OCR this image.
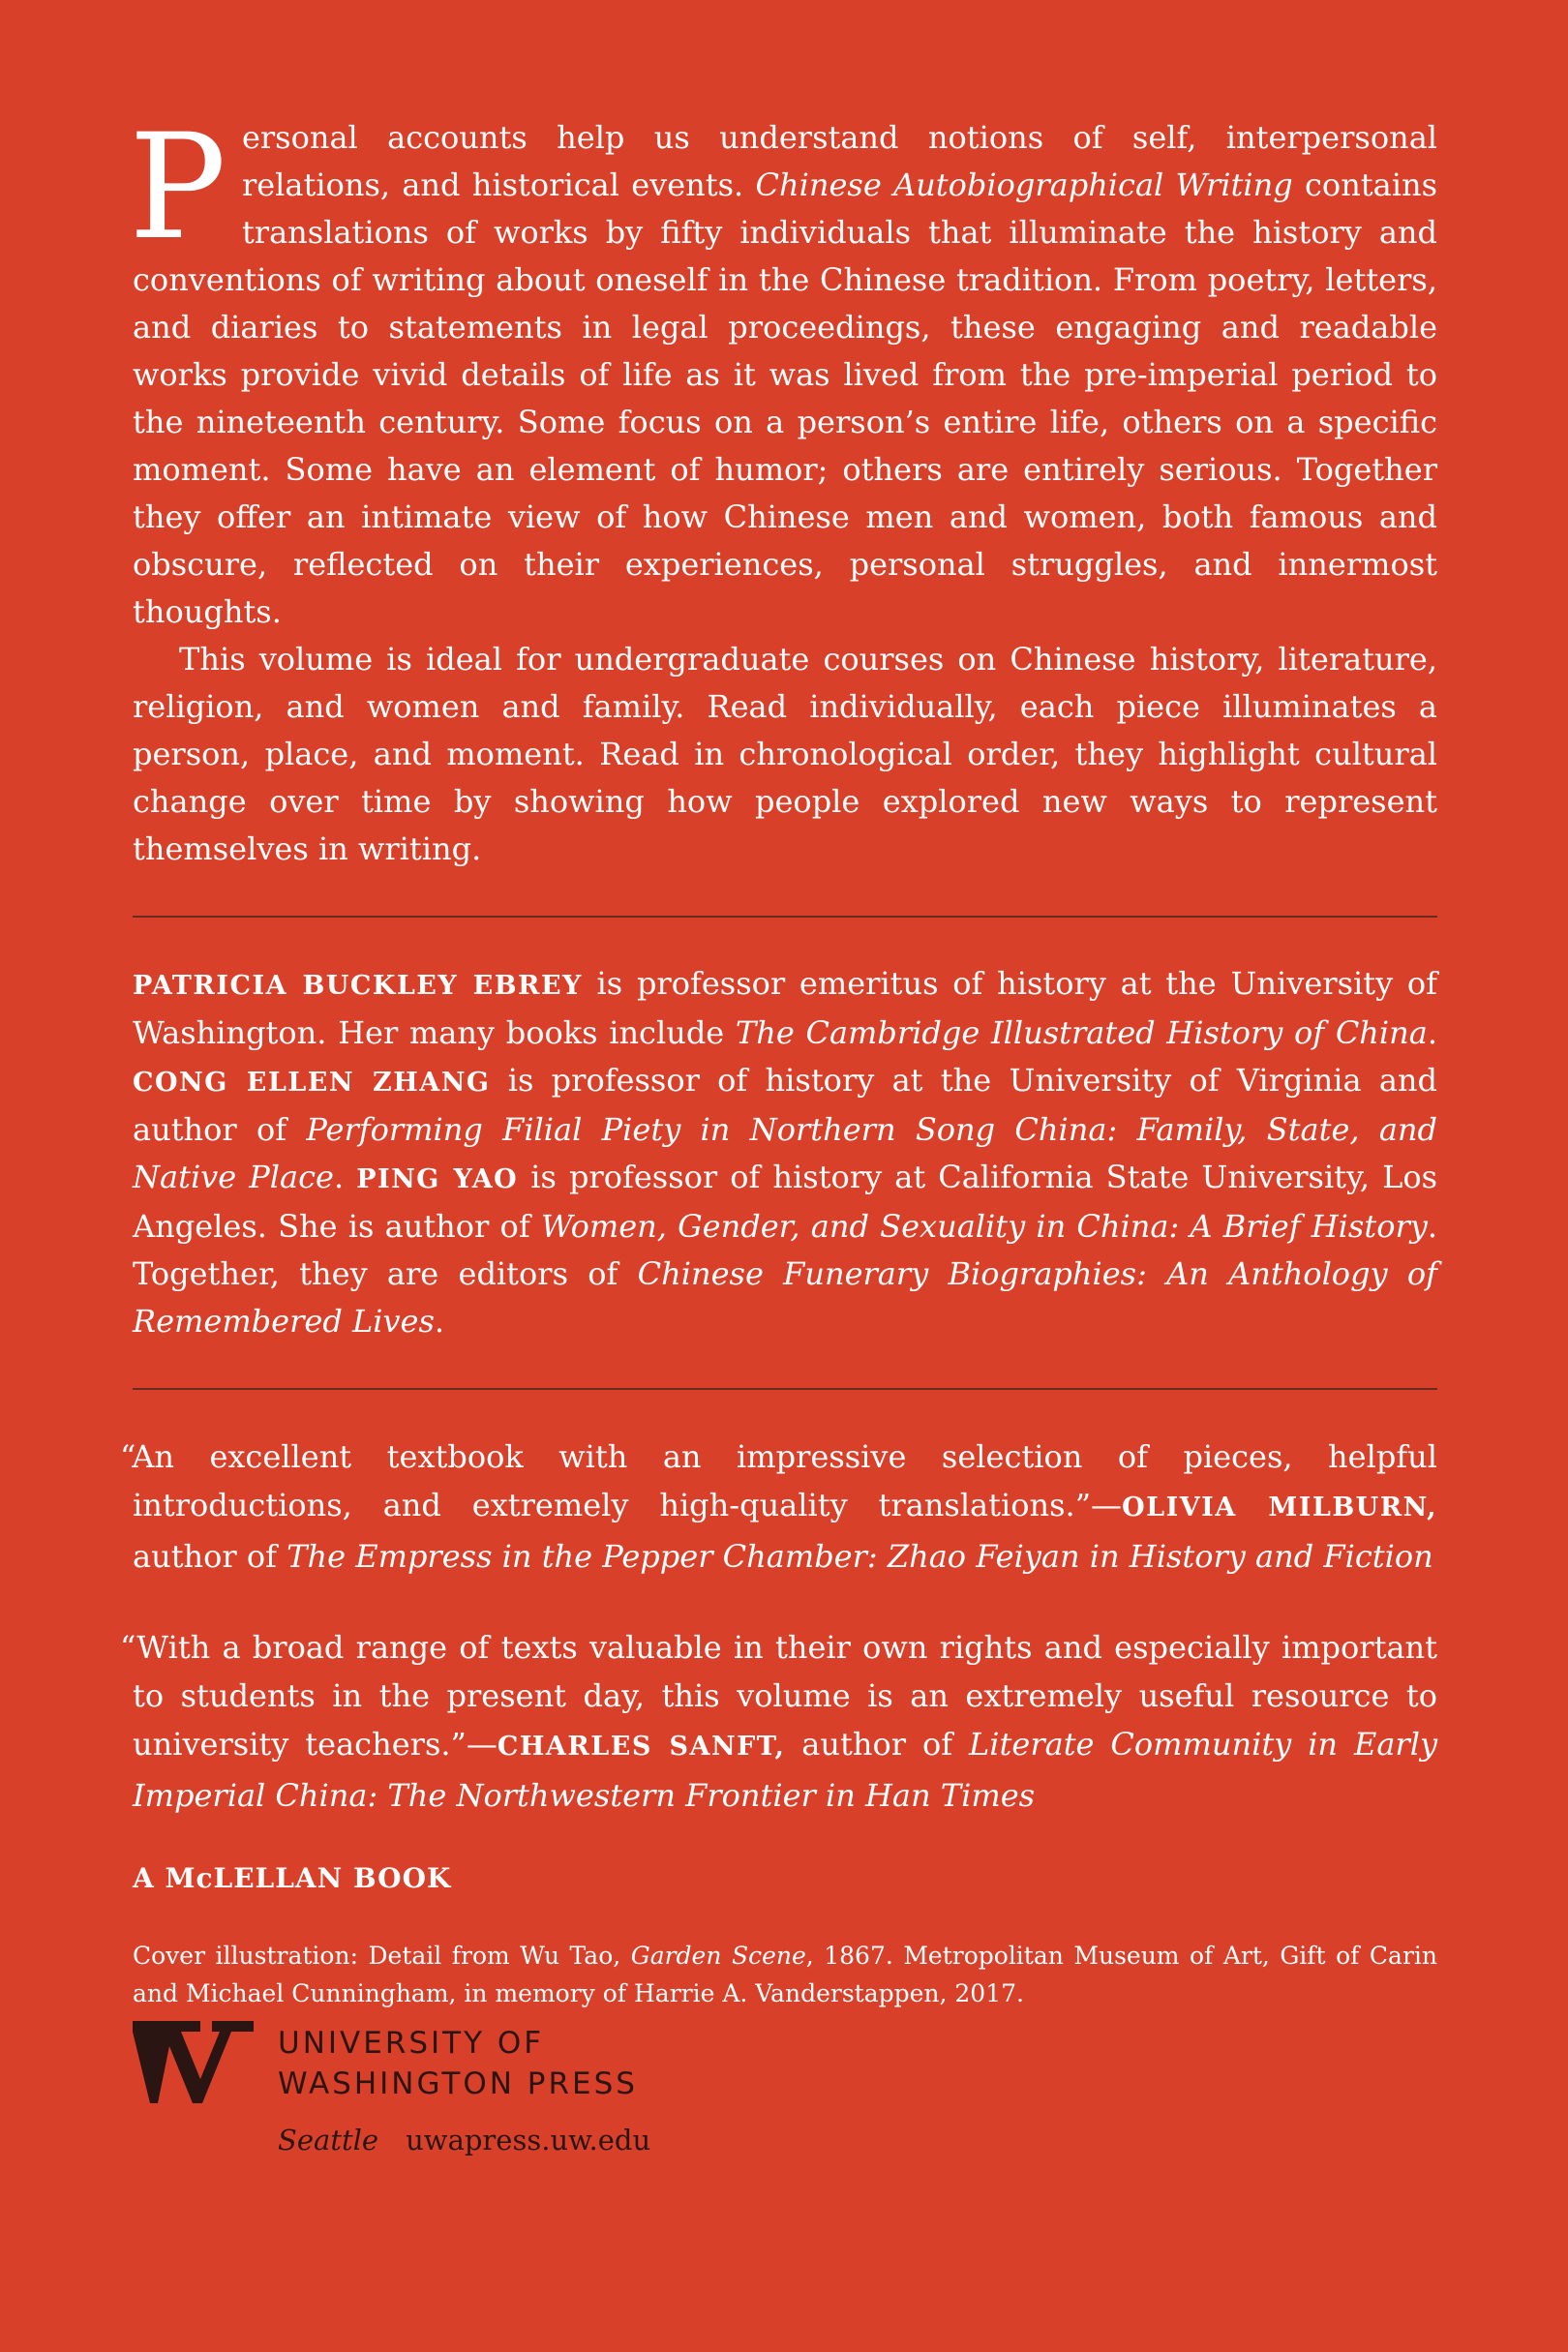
Personal accounts help us understand notions of self, interpersonal relations, and historical events. Chinese Autobiographical Writing contains translations of works by fifty individuals that illuminate the history and conventions of writing about oneself in the Chinese tradition. From poetry, letters, and diaries to statements in legal proceedings, these engaging and readable works provide vivid details of life as it was lived from the pre-imperial period to the nineteenth century. Some focus on a person’s entire life, others on a specific moment. Some have an element of humor; others are entirely serious. Together they offer an intimate view of how Chinese men and women, both famous and obscure, reflected on their experiences, personal struggles, and innermost thoughts.

This volume is ideal for undergraduate courses on Chinese history, literature, religion, and women and family. Read individually, each piece illuminates a person, place, and moment. Read in chronological order, they highlight cultural change over time by showing how people explored new ways to represent themselves in writing.

PATRICIA BUCKLEY EBREY is professor emeritus of history at the University of Washington. Her many books include The Cambridge Illustrated History of China. CONG ELLEN ZHANG is professor of history at the University of Virginia and author of Performing Filial Piety in Northern Song China: Family, State, and Native Place. PING YAO is professor of history at California State University, Los Angeles. She is author of Women, Gender, and Sexuality in China: A Brief History. Together, they are editors of Chinese Funerary Biographies: An Anthology of Remembered Lives.

“An excellent textbook with an impressive selection of pieces, helpful introductions, and extremely high-quality translations.”—OLIVIA MILBURN, author of The Empress in the Pepper Chamber: Zhao Feiyan in History and Fiction

“With a broad range of texts valuable in their own rights and especially important to students in the present day, this volume is an extremely useful resource to university teachers.”—CHARLES SANFT, author of Literate Community in Early Imperial China: The Northwestern Frontier in Han Times

A McLELLAN BOOK

Cover illustration: Detail from Wu Tao, Garden Scene, 1867. Metropolitan Museum of Art, Gift of Carin and Michael Cunningham, in memory of Harrie A. Vanderstappen, 2017.

UNIVERSITY OF
WASHINGTON PRESS
Seattle uwapress.uw.edu
